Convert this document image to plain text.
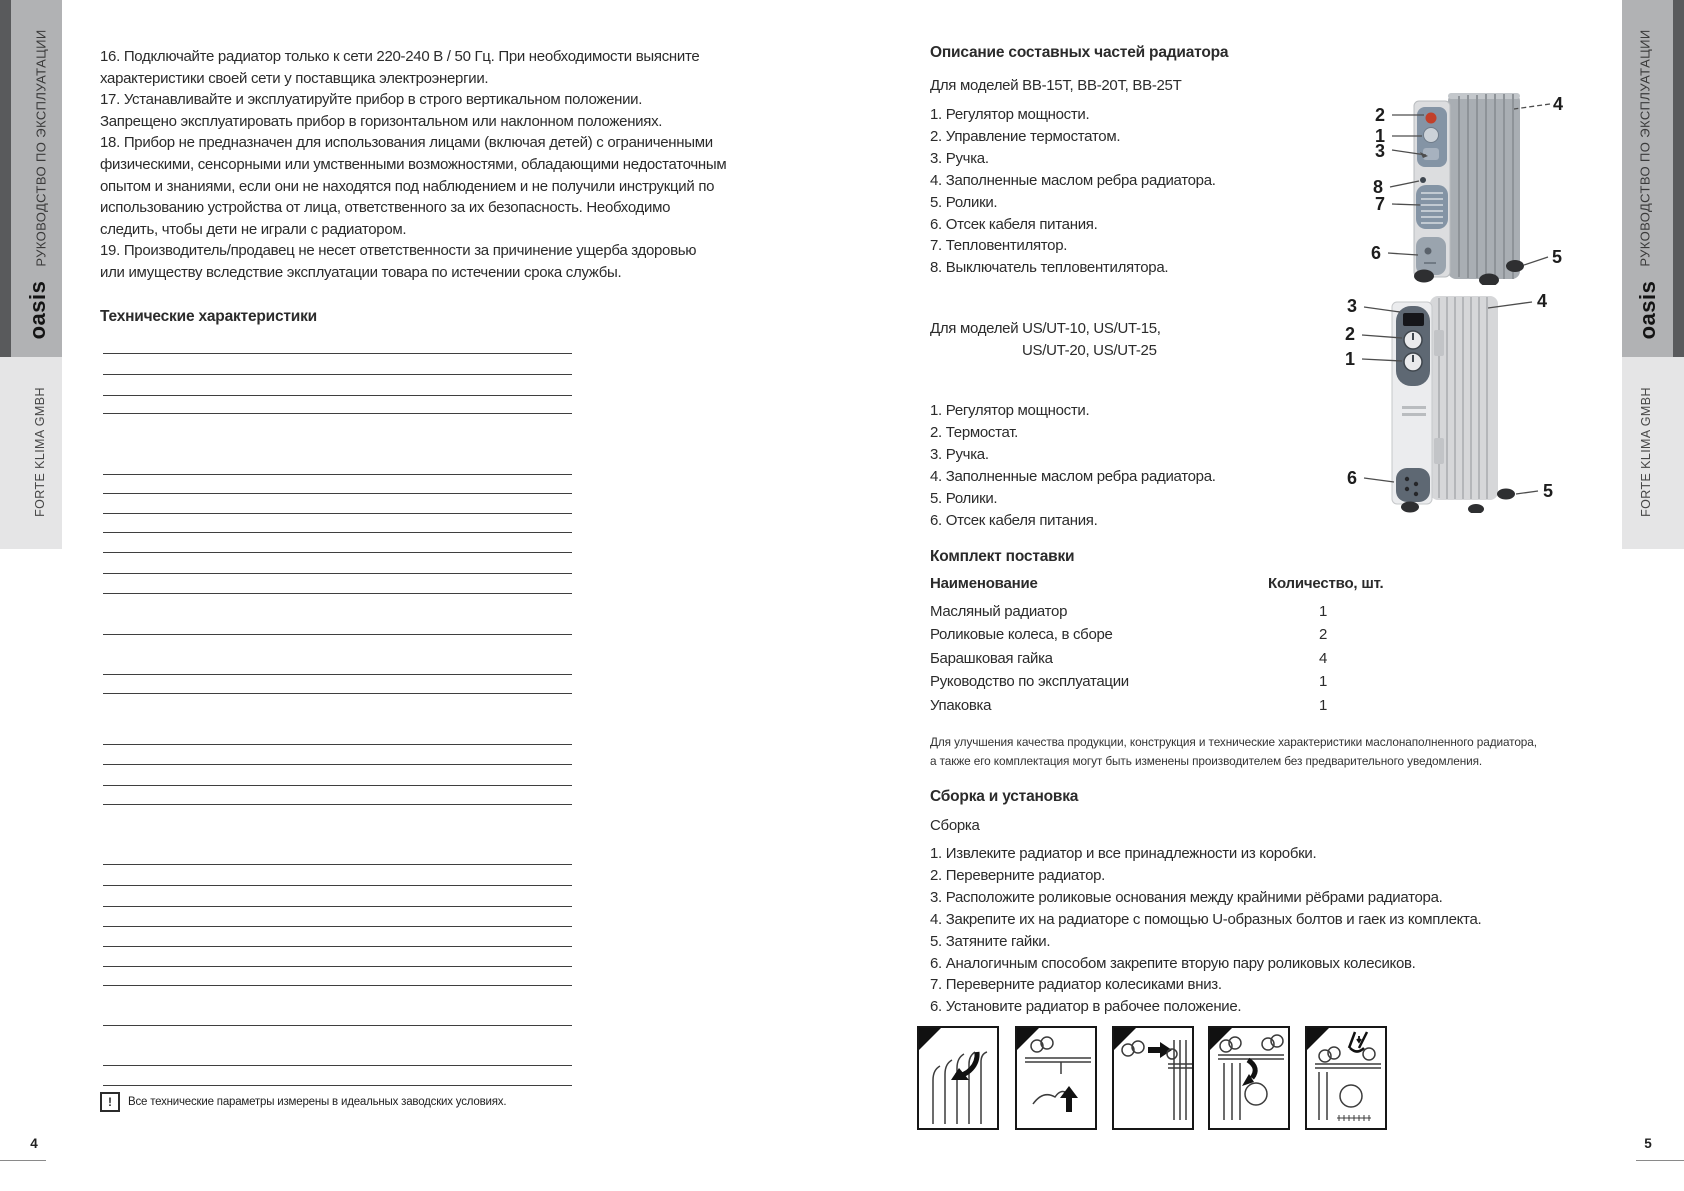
РУКОВОДСТВО ПО ЭКСПЛУАТАЦИИ
oasis
FORTE KLIMA GMBH
РУКОВОДСТВО ПО ЭКСПЛУАТАЦИИ
oasis
FORTE KLIMA GMBH
16. Подключайте радиатор только к сети 220-240 В / 50 Гц. При необходимости выясните
характеристики своей сети у поставщика электроэнергии.
17. Устанавливайте и эксплуатируйте прибор в строго вертикальном положении.
Запрещено эксплуатировать прибор в горизонтальном или наклонном положениях.
18. Прибор не предназначен для использования лицами (включая детей) с ограниченными
физическими, сенсорными или умственными возможностями, обладающими недостаточным
опытом и знаниями, если они не находятся под наблюдением и не получили инструкций по
использованию устройства от лица, ответственного за их безопасность. Необходимо
следить, чтобы дети не играли с радиатором.
19. Производитель/продавец не несет ответственности за причинение ущерба здоровью
или имуществу вследствие эксплуатации товара по истечении срока службы.
Технические характеристики
!	Все технические параметры измерены в идеальных заводских условиях.
4
Описание составных частей радиатора
Для моделей BB-15T, BB-20T, BB-25T
1. Регулятор мощности.
2. Управление термостатом.
3. Ручка.
4. Заполненные маслом ребра радиатора.
5. Ролики.
6. Отсек кабеля питания.
7. Тепловентилятор.
8. Выключатель тепловентилятора.
Для моделей US/UT-10, US/UT-15,
US/UT-20, US/UT-25
1. Регулятор мощности.
2. Термостат.
3. Ручка.
4. Заполненные маслом ребра радиатора.
5. Ролики.
6. Отсек кабеля питания.
Комплект поставки
Наименование	Количество, шт.
Масляный радиатор	1
Роликовые колеса, в сборе	2
Барашковая гайка	4
Руководство по эксплуатации	1
Упаковка	1
Для улучшения качества продукции, конструкция и технические характеристики маслонаполненного радиатора,
а также его комплектация могут быть изменены производителем без предварительного уведомления.
Сборка и установка
Сборка
1. Извлеките радиатор и все принадлежности из коробки.
2. Переверните радиатор.
3. Расположите роликовые основания между крайними рёбрами радиатора.
4. Закрепите их на радиаторе с помощью U-образных болтов и гаек из комплекта.
5. Затяните гайки.
6. Аналогичным способом закрепите вторую пару роликовых колесиков.
7. Переверните радиатор колесиками вниз.
6. Установите радиатор в рабочее положение.
2
1
3
8
7
6
4
5
3
2
1
4
6
5
5
